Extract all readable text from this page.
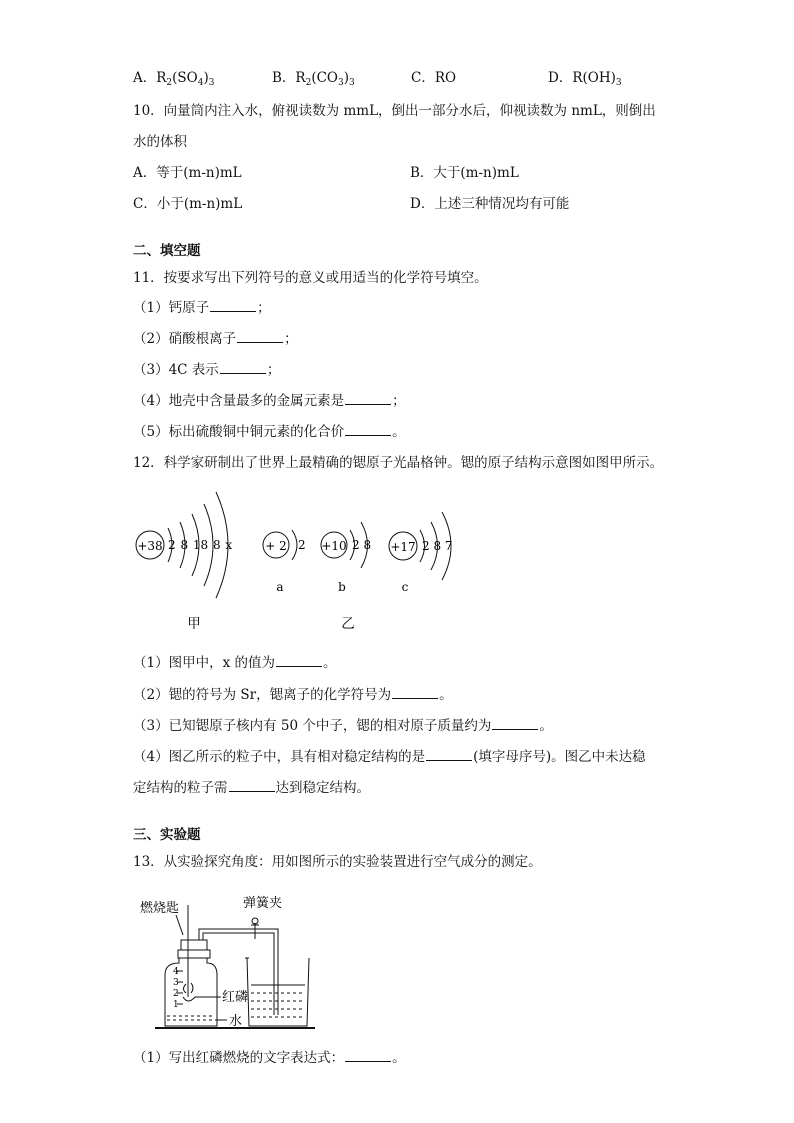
A．$R_2(SO_4)_3$	B．$R_2(CO_3)_3$	C．RO	D．$R(OH)_3$
10．向量筒内注入水，俯视读数为 mmL，倒出一部分水后，仰视读数为 nmL，则倒出
水的体积
A．等于(m-n)mL	B．大于(m-n)mL
C．小于(m-n)mL	D．上述三种情况均有可能
二、填空题
11．按要求写出下列符号的意义或用适当的化学符号填空。
（1）钙原子	；
（2）硝酸根离子	；
（3）4C 表示	；
（4）地壳中含量最多的金属元素是	；
（5）标出硫酸铜中铜元素的化合价	。
12．科学家研制出了世界上最精确的锶原子光晶格钟。锶的原子结构示意图如图甲所示。
+38 2 8 18 8 x	+ 2 2 +10 2 8 +17 2 8 7
a	b	c
甲	乙
（1）图甲中，x 的值为	。
（2）锶的符号为 Sr，锶离子的化学符号为	。
（3）已知锶原子核内有 50 个中子，锶的相对原子质量约为	。
（4）图乙所示的粒子中，具有相对稳定结构的是	(填字母序号)。图乙中未达稳
定结构的粒子需	达到稳定结构。
三、实验题
13．从实验探究角度：用如图所示的实验装置进行空气成分的测定。
燃烧匙	弹簧夹
红磷
水
4
3
2
1
（1）写出红磷燃烧的文字表达式：	。
